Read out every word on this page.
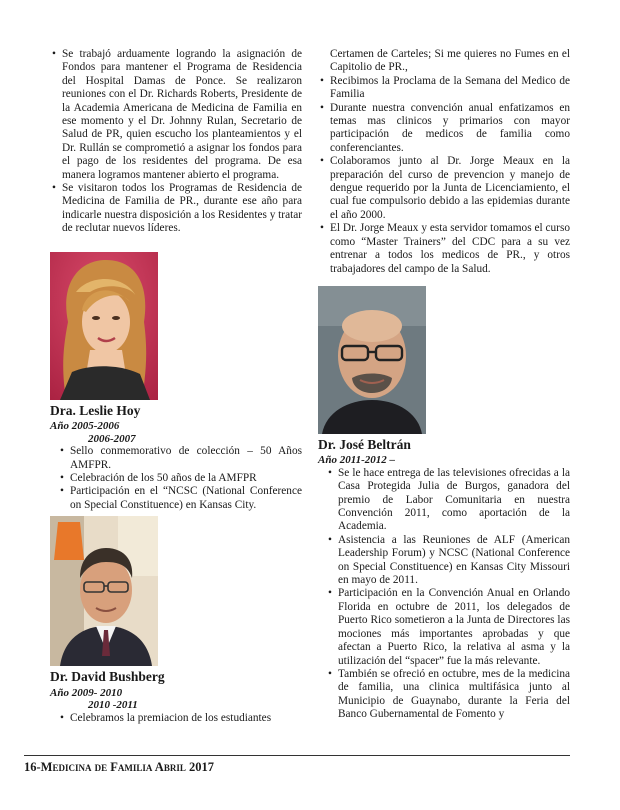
• Se trabajó arduamente logrando la asignación de Fondos para mantener el Programa de Residencia del Hospital Damas de Ponce. Se realizaron reuniones con el Dr. Richards Roberts, Presidente de la Academia Americana de Medicina de Familia en ese momento y el Dr. Johnny Rulan, Secretario de Salud de PR, quien escucho los planteamientos y el Dr. Rullán se comprometió a asignar los fondos para el pago de los residentes del programa. De esa manera logramos mantener abierto el programa.
• Se visitaron todos los Programas de Residencia de Medicina de Familia de PR., durante ese año para indicarle nuestra disposición a los Residentes y tratar de reclutar nuevos líderes.
Dra. Leslie Hoy
Año 2005-2006
2006-2007
• Sello conmemorativo de colección – 50 Años AMFPR.
• Celebración de los 50 años de la AMFPR
• Participación en el “NCSC (National Conference on Special Constituence) en Kansas City.
Dr. David Bushberg
Año 2009- 2010
2010 -2011
• Celebramos la premiacion de los estudiantes
Certamen de Carteles; Si me quieres no Fumes en el Capitolio de PR.,
• Recibimos la Proclama de la Semana del Medico de Familia
• Durante nuestra convención anual enfatizamos en temas mas clinicos y primarios con mayor participación de medicos de familia como conferenciantes.
• Colaboramos junto al Dr. Jorge Meaux en la preparación del curso de prevencion y manejo de dengue requerido por la Junta de Licenciamiento, el cual fue compulsorio debido a las epidemias durante el año 2000.
• El Dr. Jorge Meaux y esta servidor tomamos el curso como “Master Trainers” del CDC para a su vez entrenar a todos los medicos de PR., y otros trabajadores del campo de la Salud.
Dr. José Beltrán
Año 2011-2012 –
• Se le hace entrega de las televisiones ofrecidas a la Casa Protegida Julia de Burgos, ganadora del premio de Labor Comunitaria en nuestra Convención 2011, como aportación de la Academia.
• Asistencia a las Reuniones de ALF (American Leadership Forum) y NCSC (National Conference on Special Constituence) en Kansas City Missouri en mayo de 2011.
• Participación en la Convención Anual en Orlando Florida en octubre de 2011, los delegados de Puerto Rico sometieron a la Junta de Directores las mociones más importantes aprobadas y que afectan a Puerto Rico, la relativa al asma y la utilización del “spacer” fue la más relevante.
• También se ofreció en octubre, mes de la medicina de familia, una clinica multifásica junto al Municipio de Guaynabo, durante la Feria del Banco Gubernamental de Fomento y
16-Medicina de Familia Abril 2017
